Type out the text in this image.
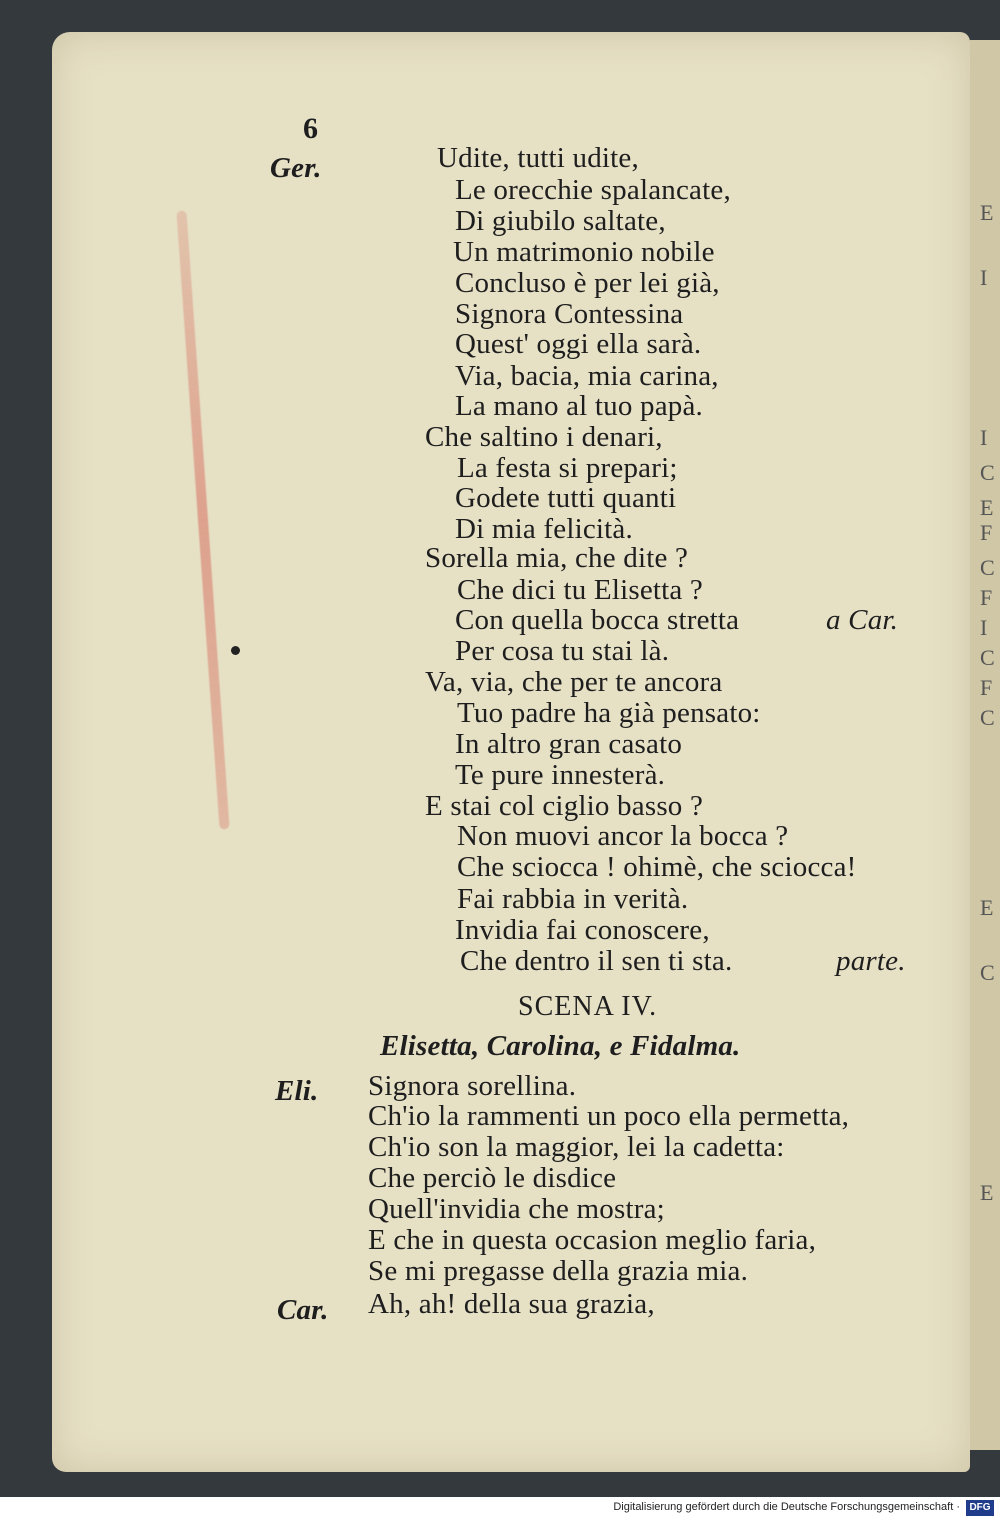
E
I
I
C
E
F
C
F
I
C
F
C
E
C
E
6
Ger.	Udite, tutti udite,
Le orecchie spalancate,
Di giubilo saltate,
Un matrimonio nobile
Concluso è per lei già,
Signora Contessina
Quest' oggi ella sarà.
Via, bacia, mia carina,
La mano al tuo papà.
Che saltino i denari,
La festa si prepari;
Godete tutti quanti
Di mia felicità.
Sorella mia, che dite ?
Che dici tu Elisetta ?
Con quella bocca stretta	a Car.
Per cosa tu stai là.
Va, via, che per te ancora
Tuo padre ha già pensato:
In altro gran casato
Te pure innesterà.
E stai col ciglio basso ?
Non muovi ancor la bocca ?
Che sciocca ! ohimè, che sciocca!
Fai rabbia in verità.
Invidia fai conoscere,
Che dentro il sen ti sta.	parte.
SCENA IV.
Elisetta, Carolina, e Fidalma.
Eli. Signora sorellina.
Ch'io la rammenti un poco ella permetta,
Ch'io son la maggior, lei la cadetta:
Che perciò le disdice
Quell'invidia che mostra;
E che in questa occasion meglio faria,
Se mi pregasse della grazia mia.
Car. Ah, ah! della sua grazia,
Digitalisierung gefördert durch die Deutsche Forschungsgemeinschaft · DFG
